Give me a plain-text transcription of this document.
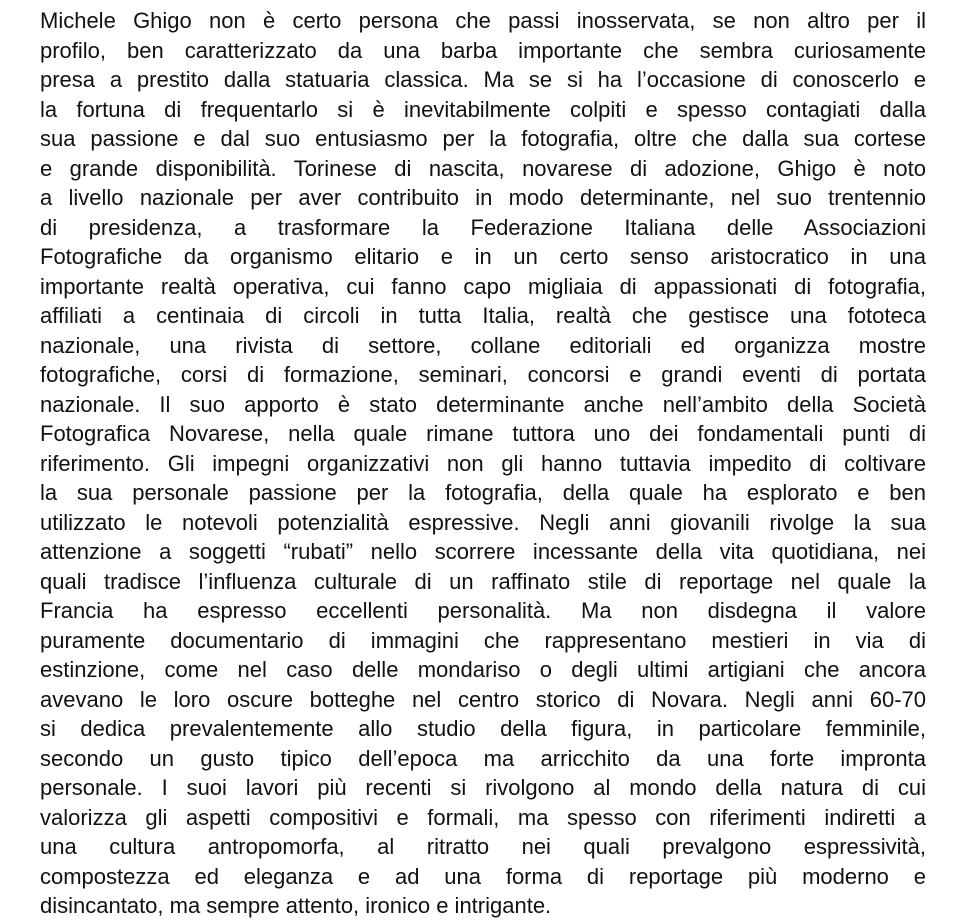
Michele Ghigo non è certo persona che passi inosservata, se non altro per il
profilo, ben caratterizzato da una barba importante che sembra curiosamente
presa a prestito dalla statuaria classica. Ma se si ha l’occasione di conoscerlo e
la fortuna di frequentarlo si è inevitabilmente colpiti e spesso contagiati dalla
sua passione e dal suo entusiasmo per la fotografia, oltre che dalla sua cortese
e grande disponibilità. Torinese di nascita, novarese di adozione, Ghigo è noto
a livello nazionale per aver contribuito in modo determinante, nel suo trentennio
di presidenza, a trasformare la Federazione Italiana delle Associazioni
Fotografiche da organismo elitario e in un certo senso aristocratico in una
importante realtà operativa, cui fanno capo migliaia di appassionati di fotografia,
affiliati a centinaia di circoli in tutta Italia, realtà che gestisce una fototeca
nazionale, una rivista di settore, collane editoriali ed organizza mostre
fotografiche, corsi di formazione, seminari, concorsi e grandi eventi di portata
nazionale. Il suo apporto è stato determinante anche nell’ambito della Società
Fotografica Novarese, nella quale rimane tuttora uno dei fondamentali punti di
riferimento. Gli impegni organizzativi non gli hanno tuttavia impedito di coltivare
la sua personale passione per la fotografia, della quale ha esplorato e ben
utilizzato le notevoli potenzialità espressive. Negli anni giovanili rivolge la sua
attenzione a soggetti “rubati” nello scorrere incessante della vita quotidiana, nei
quali tradisce l’influenza culturale di un raffinato stile di reportage nel quale la
Francia ha espresso eccellenti personalità. Ma non disdegna il valore
puramente documentario di immagini che rappresentano mestieri in via di
estinzione, come nel caso delle mondariso o degli ultimi artigiani che ancora
avevano le loro oscure botteghe nel centro storico di Novara. Negli anni 60-70
si dedica prevalentemente allo studio della figura, in particolare femminile,
secondo un gusto tipico dell’epoca ma arricchito da una forte impronta
personale. I suoi lavori più recenti si rivolgono al mondo della natura di cui
valorizza gli aspetti compositivi e formali, ma spesso con riferimenti indiretti a
una cultura antropomorfa, al ritratto nei quali prevalgono espressività,
compostezza ed eleganza e ad una forma di reportage più moderno e
disincantato, ma sempre attento, ironico e intrigante.
